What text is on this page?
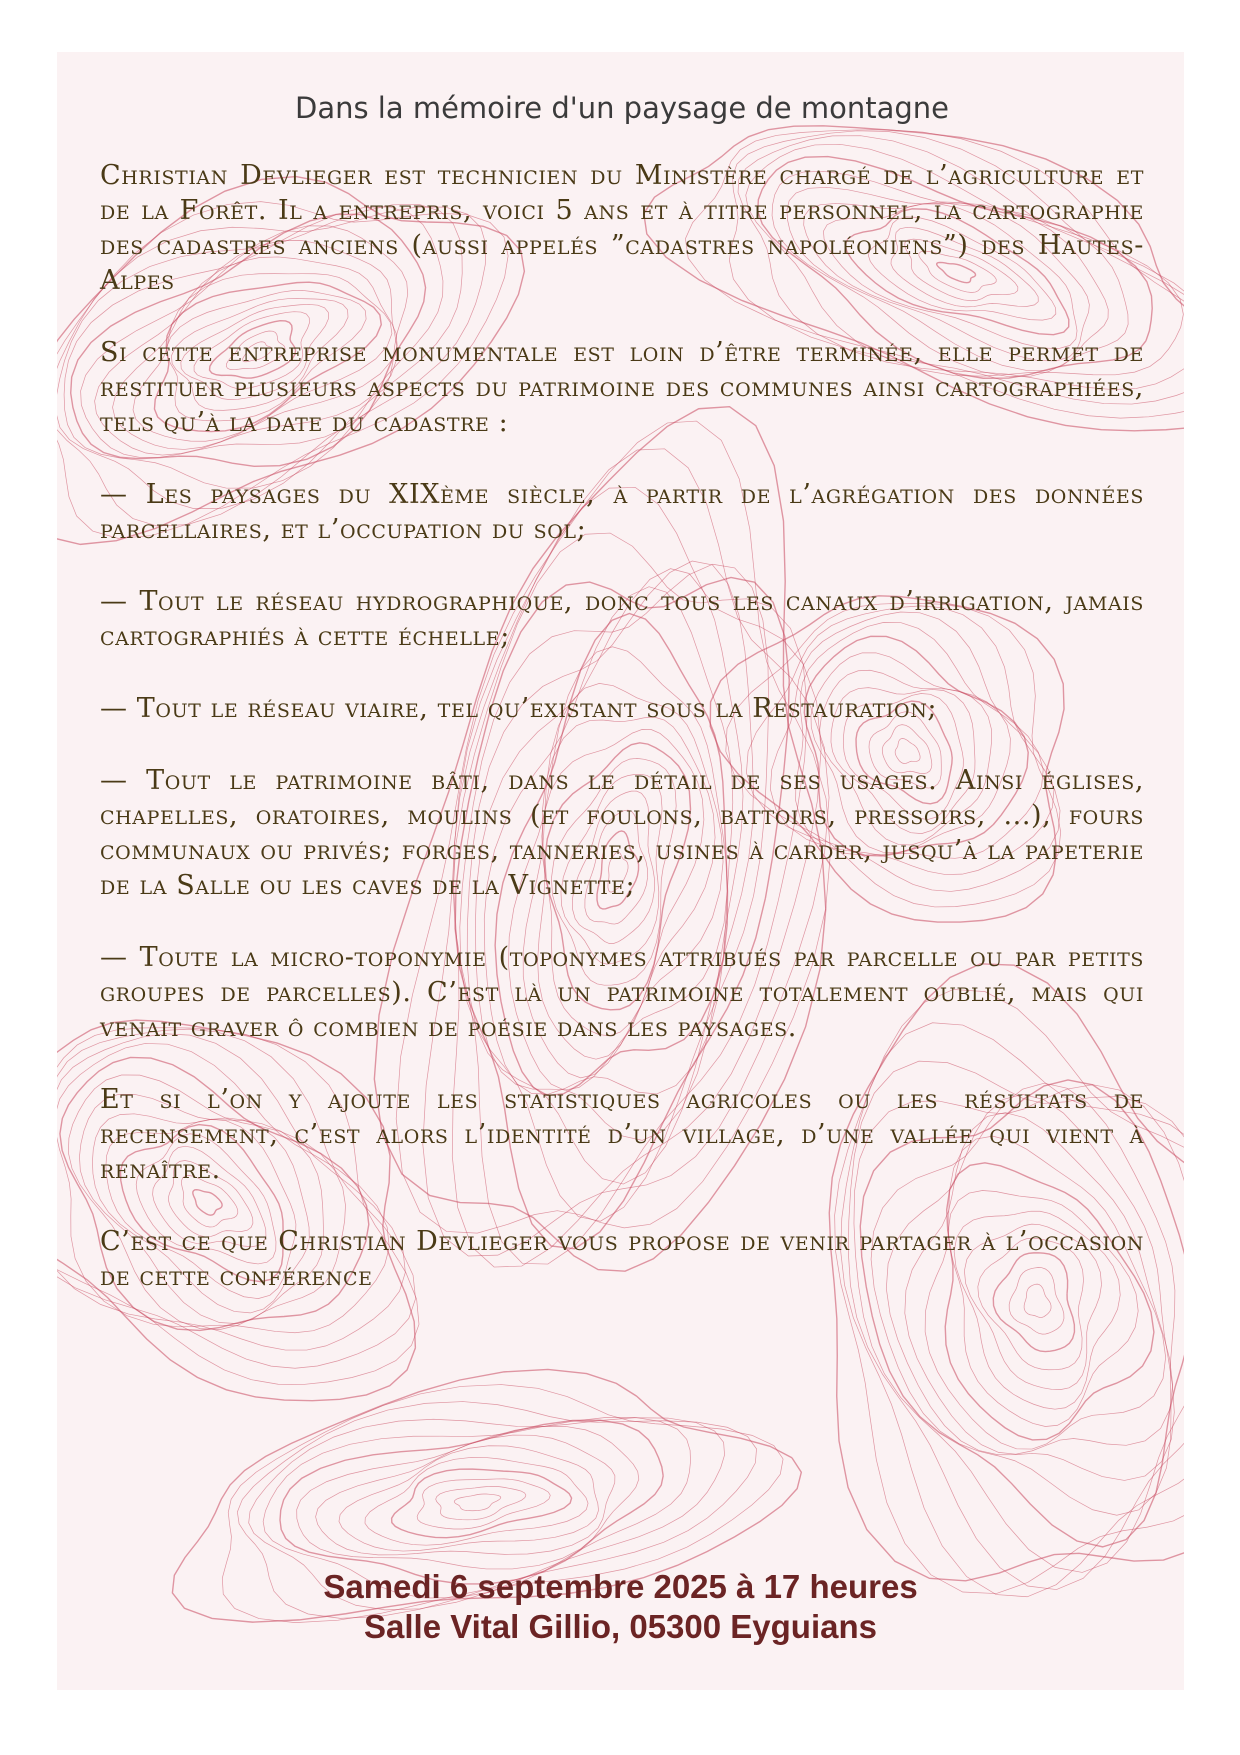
Dans la mémoire d'un paysage de montagne
Christian Devlieger est technicien du Ministère chargé de l’agriculture et de la Forêt. Il a entrepris, voici 5 ans et à titre personnel, la cartographie des cadastres anciens (aussi appelés ”cadastres napoléoniens”) des Hautes-Alpes
Si cette entreprise monumentale est loin d’être terminée, elle permet de restituer plusieurs aspects du patrimoine des communes ainsi cartographiées, tels qu’à la date du cadastre :
— Les paysages du XIXème siècle, à partir de l’agrégation des données parcellaires, et l’occupation du sol;
— Tout le réseau hydrographique, donc tous les canaux d’irrigation, jamais cartographiés à cette échelle;
— Tout le réseau viaire, tel qu’existant sous la Restauration;
— Tout le patrimoine bâti, dans le détail de ses usages. Ainsi églises, chapelles, oratoires, moulins (et foulons, battoirs, pressoirs, ...), fours communaux ou privés; forges, tanneries, usines à carder, jusqu’à la papeterie de la Salle ou les caves de la Vignette;
— Toute la micro-toponymie (toponymes attribués par parcelle ou par petits groupes de parcelles). C’est là un patrimoine totalement oublié, mais qui venait graver ô combien de poésie dans les paysages.
Et si l’on y ajoute les statistiques agricoles ou les résultats de recensement, c’est alors l’identité d’un village, d’une vallée qui vient à renaître.
C’est ce que Christian Devlieger vous propose de venir partager à l’occasion de cette conférence
Samedi 6 septembre 2025 à 17 heures
Salle Vital Gillio, 05300 Eyguians
